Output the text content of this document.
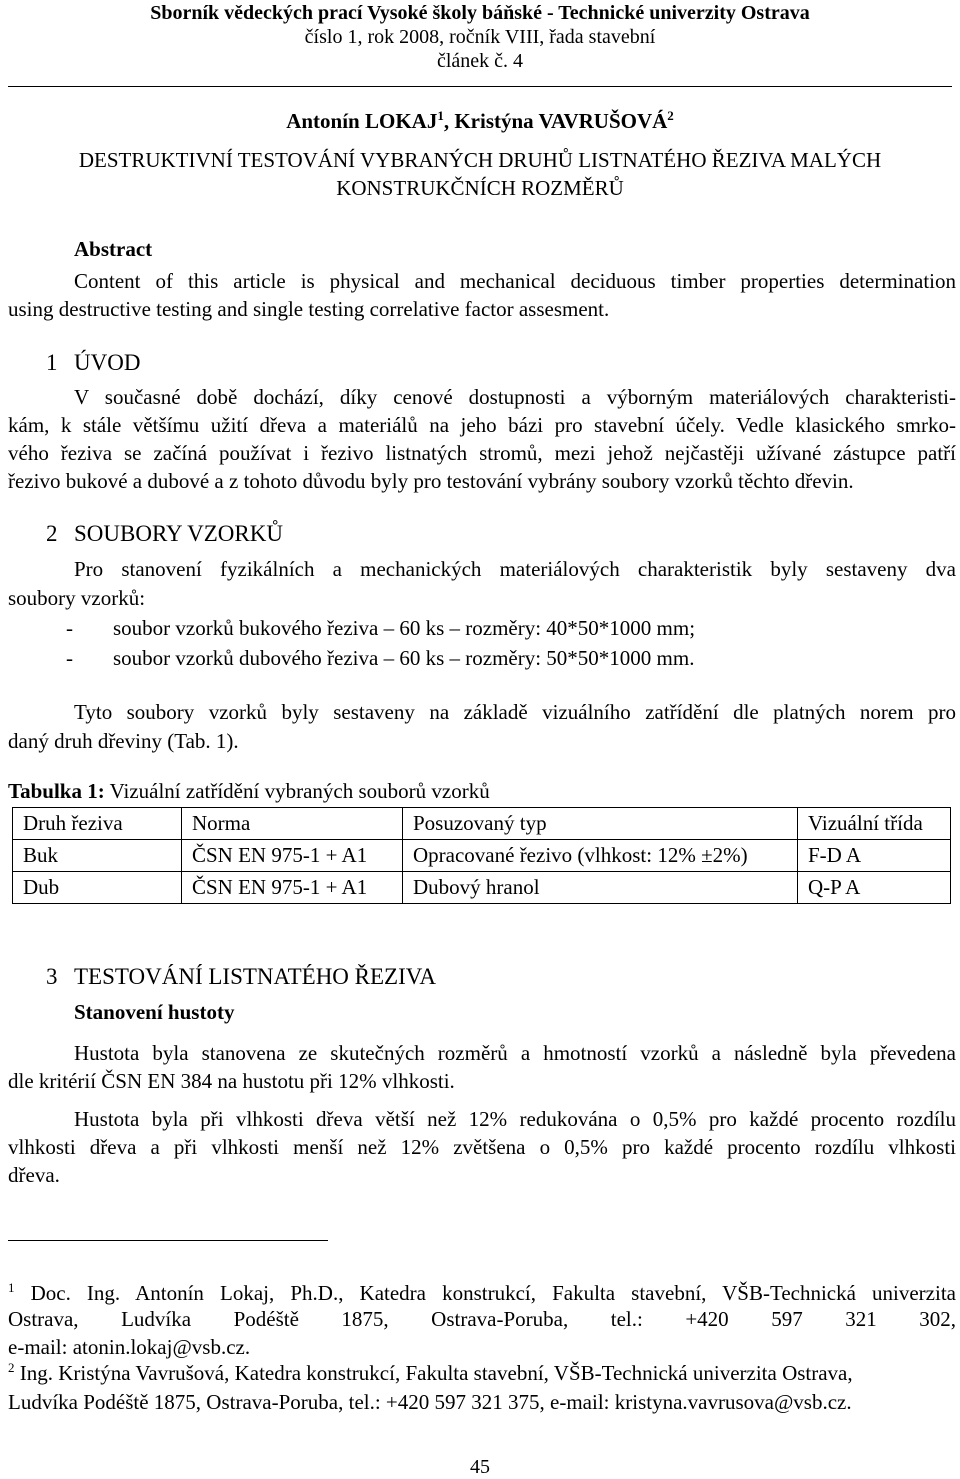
Sborník vědeckých prací Vysoké školy báňské - Technické univerzity Ostrava
číslo 1, rok 2008, ročník VIII, řada stavební
článek č. 4
Antonín LOKAJ$^1$, Kristýna VAVRUŠOVÁ$^2$
DESTRUKTIVNÍ TESTOVÁNÍ VYBRANÝCH DRUHŮ LISTNATÉHO ŘEZIVA MALÝCH
KONSTRUKČNÍCH ROZMĚRŮ
Abstract
Content of this article is physical and mechanical deciduous timber properties determination
using destructive testing and single testing correlative factor assesment.
1 ÚVOD
V současné době dochází, díky cenové dostupnosti a výborným materiálových charakteristi-
kám, k stále většímu užití dřeva a materiálů na jeho bázi pro stavební účely. Vedle klasického smrko-
vého řeziva se začíná používat i řezivo listnatých stromů, mezi jehož nejčastěji užívané zástupce patří
řezivo bukové a dubové a z tohoto důvodu byly pro testování vybrány soubory vzorků těchto dřevin.
2 SOUBORY VZORKŮ
Pro stanovení fyzikálních a mechanických materiálových charakteristik byly sestaveny dva
soubory vzorků:
- soubor vzorků bukového řeziva – 60 ks – rozměry: 40*50*1000 mm;
- soubor vzorků dubového řeziva – 60 ks – rozměry: 50*50*1000 mm.
Tyto soubory vzorků byly sestaveny na základě vizuálního zatřídění dle platných norem pro
daný druh dřeviny (Tab. 1).
Tabulka 1: Vizuální zatřídění vybraných souborů vzorků
Druh řeziva	Norma	Posuzovaný typ	Vizuální třída
Buk	ČSN EN 975-1 + A1	Opracované řezivo (vlhkost: 12% ±2%)	F-D A
Dub	ČSN EN 975-1 + A1	Dubový hranol	Q-P A
3 TESTOVÁNÍ LISTNATÉHO ŘEZIVA
Stanovení hustoty
Hustota byla stanovena ze skutečných rozměrů a hmotností vzorků a následně byla převedena
dle kritérií ČSN EN 384 na hustotu při 12% vlhkosti.
Hustota byla při vlhkosti dřeva větší než 12% redukována o 0,5% pro každé procento rozdílu
vlhkosti dřeva a při vlhkosti menší než 12% zvětšena o 0,5% pro každé procento rozdílu vlhkosti
dřeva.
$^1$ Doc. Ing. Antonín Lokaj, Ph.D., Katedra konstrukcí, Fakulta stavební, VŠB-Technická univerzita
Ostrava, Ludvíka Podéště 1875, Ostrava-Poruba, tel.: +420 597 321 302,
e-mail: atonin.lokaj@vsb.cz.
$^2$ Ing. Kristýna Vavrušová, Katedra konstrukcí, Fakulta stavební, VŠB-Technická univerzita Ostrava,
Ludvíka Podéště 1875, Ostrava-Poruba, tel.: +420 597 321 375, e-mail: kristyna.vavrusova@vsb.cz.
45
